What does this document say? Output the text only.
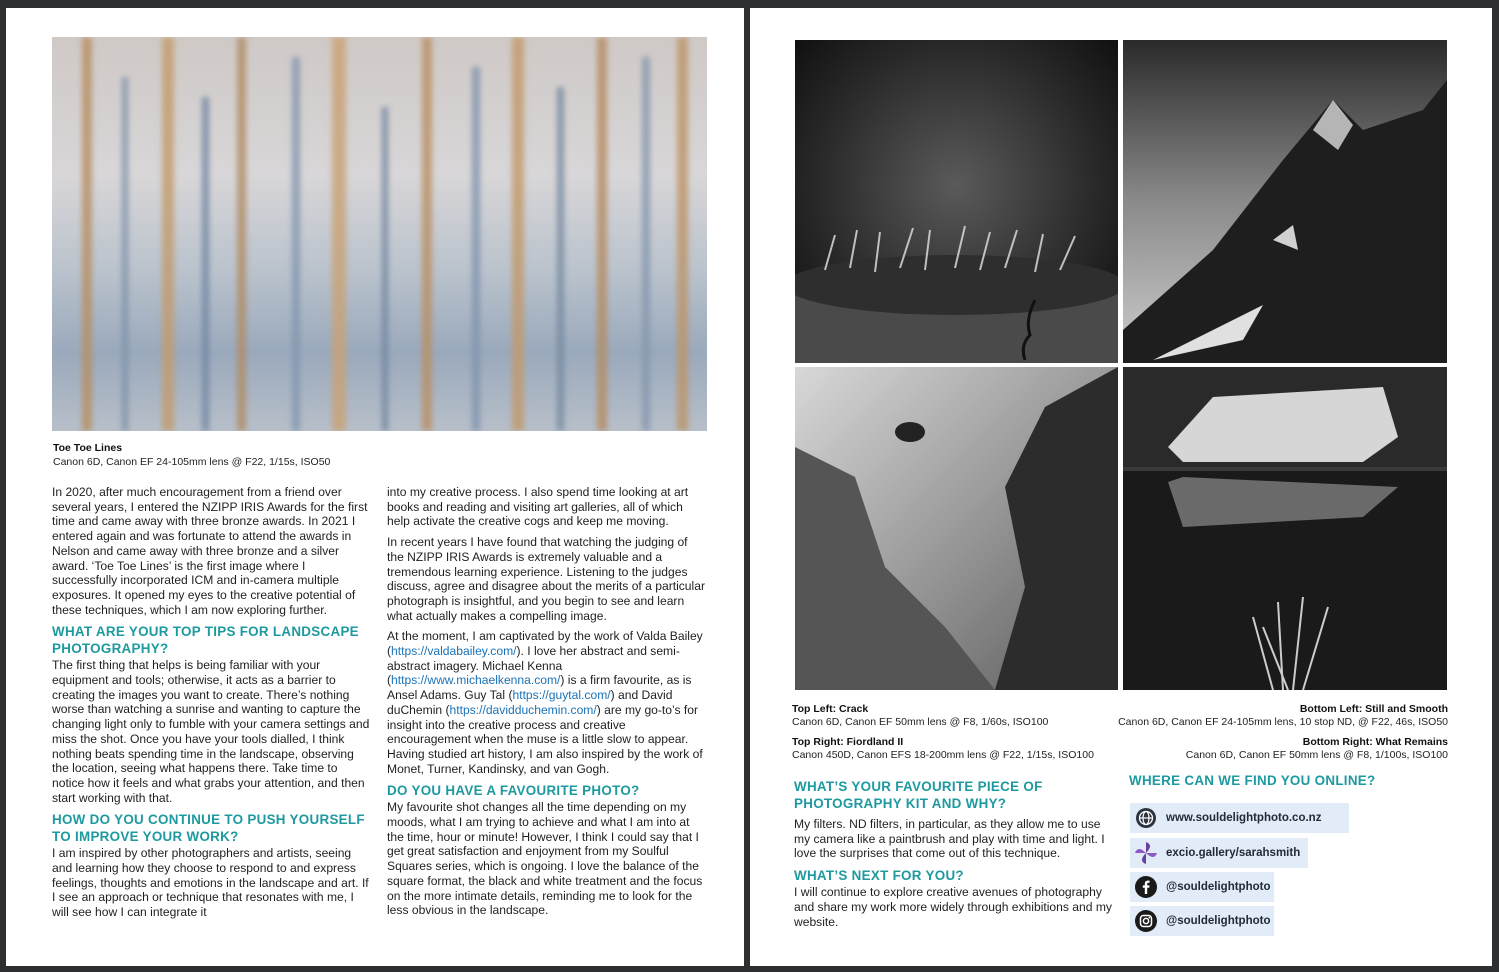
Toe Toe Lines
Canon 6D, Canon EF 24-105mm lens @ F22, 1/15s, ISO50

In 2020, after much encouragement from a friend over several years, I entered the NZIPP IRIS Awards for the first time and came away with three bronze awards. In 2021 I entered again and was fortunate to attend the awards in Nelson and came away with three bronze and a silver award. ‘Toe Toe Lines’ is the first image where I successfully incorporated ICM and in-camera multiple exposures. It opened my eyes to the creative potential of these techniques, which I am now exploring further.

WHAT ARE YOUR TOP TIPS FOR LANDSCAPE PHOTOGRAPHY?

The first thing that helps is being familiar with your equipment and tools; otherwise, it acts as a barrier to creating the images you want to create. There’s nothing worse than watching a sunrise and wanting to capture the changing light only to fumble with your camera settings and miss the shot. Once you have your tools dialled, I think nothing beats spending time in the landscape, observing the location, seeing what happens there. Take time to notice how it feels and what grabs your attention, and then start working with that.

HOW DO YOU CONTINUE TO PUSH YOURSELF TO IMPROVE YOUR WORK?

I am inspired by other photographers and artists, seeing and learning how they choose to respond to and express feelings, thoughts and emotions in the landscape and art. If I see an approach or technique that resonates with me, I will see how I can integrate it

into my creative process. I also spend time looking at art books and reading and visiting art galleries, all of which help activate the creative cogs and keep me moving.

In recent years I have found that watching the judging of the NZIPP IRIS Awards is extremely valuable and a tremendous learning experience. Listening to the judges discuss, agree and disagree about the merits of a particular photograph is insightful, and you begin to see and learn what actually makes a compelling image.

At the moment, I am captivated by the work of Valda Bailey (https://valdabailey.com/). I love her abstract and semi-abstract imagery. Michael Kenna (https://www.michaelkenna.com/) is a firm favourite, as is Ansel Adams. Guy Tal (https://guytal.com/) and David duChemin (https://davidduchemin.com/) are my go-to’s for insight into the creative process and creative encouragement when the muse is a little slow to appear. Having studied art history, I am also inspired by the work of Monet, Turner, Kandinsky, and van Gogh.

DO YOU HAVE A FAVOURITE PHOTO?

My favourite shot changes all the time depending on my moods, what I am trying to achieve and what I am into at the time, hour or minute! However, I think I could say that I get great satisfaction and enjoyment from my Soulful Squares series, which is ongoing. I love the balance of the square format, the black and white treatment and the focus on the more intimate details, reminding me to look for the less obvious in the landscape.

Top Left: Crack
Canon 6D, Canon EF 50mm lens @ F8, 1/60s, ISO100
Top Right: Fiordland II
Canon 450D, Canon EFS 18-200mm lens @ F22, 1/15s, ISO100
Bottom Left: Still and Smooth
Canon 6D, Canon EF 24-105mm lens, 10 stop ND, @ F22, 46s, ISO50
Bottom Right: What Remains
Canon 6D, Canon EF 50mm lens @ F8, 1/100s, ISO100
WHAT’S YOUR FAVOURITE PIECE OF PHOTOGRAPHY KIT AND WHY?

My filters. ND filters, in particular, as they allow me to use my camera like a paintbrush and play with time and light. I love the surprises that come out of this technique.

WHAT’S NEXT FOR YOU?

I will continue to explore creative avenues of photography and share my work more widely through exhibitions and my website.

WHERE CAN WE FIND YOU ONLINE?
www.souldelightphoto.co.nz
excio.gallery/sarahsmith
@souldelightphoto
@souldelightphoto
